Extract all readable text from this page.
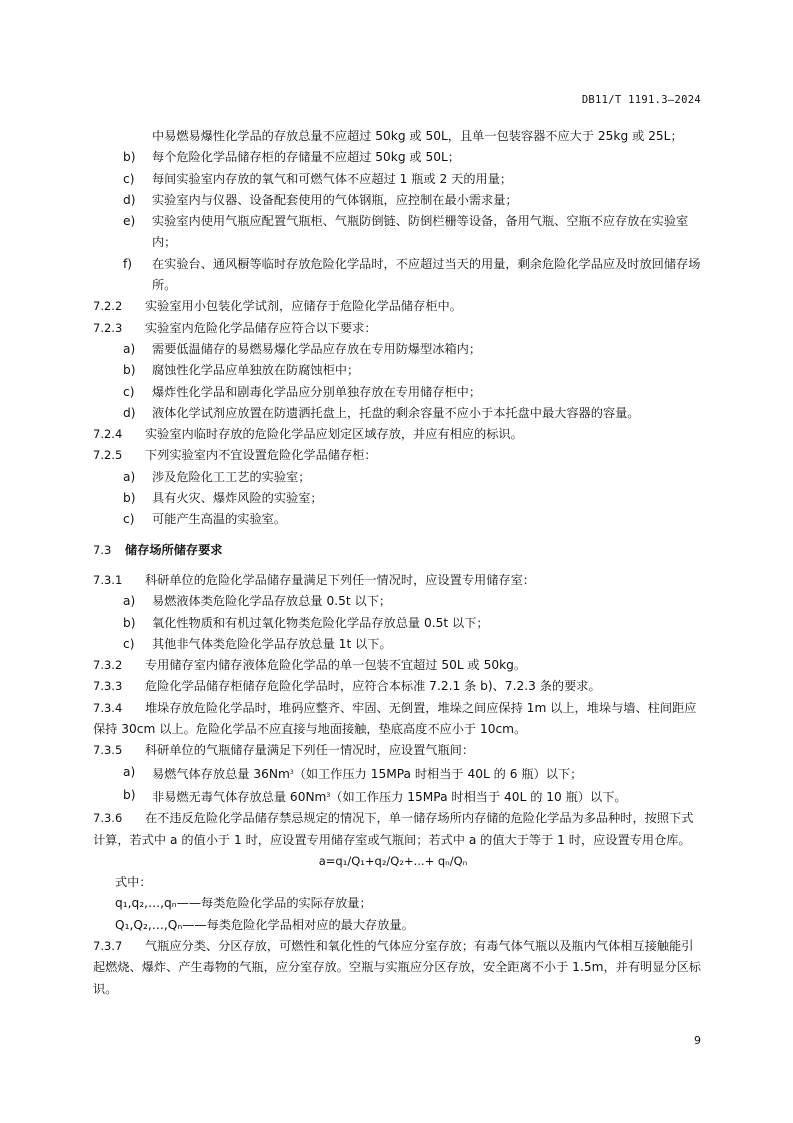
DB11/T 1191.3—2024
中易燃易爆性化学品的存放总量不应超过 50kg 或 50L，且单一包装容器不应大于 25kg 或 25L；
b) 每个危险化学品储存柜的存储量不应超过 50kg 或 50L；
c) 每间实验室内存放的氧气和可燃气体不应超过 1 瓶或 2 天的用量；
d) 实验室内与仪器、设备配套使用的气体钢瓶，应控制在最小需求量；
e) 实验室内使用气瓶应配置气瓶柜、气瓶防倒链、防倒栏栅等设备，备用气瓶、空瓶不应存放在实验室内；
f) 在实验台、通风橱等临时存放危险化学品时，不应超过当天的用量，剩余危险化学品应及时放回储存场所。
7.2.2 实验室用小包装化学试剂，应储存于危险化学品储存柜中。
7.2.3 实验室内危险化学品储存应符合以下要求：
a) 需要低温储存的易燃易爆化学品应存放在专用防爆型冰箱内；
b) 腐蚀性化学品应单独放在防腐蚀柜中；
c) 爆炸性化学品和剧毒化学品应分别单独存放在专用储存柜中；
d) 液体化学试剂应放置在防遗洒托盘上，托盘的剩余容量不应小于本托盘中最大容器的容量。
7.2.4 实验室内临时存放的危险化学品应划定区域存放，并应有相应的标识。
7.2.5 下列实验室内不宜设置危险化学品储存柜：
a) 涉及危险化工工艺的实验室；
b) 具有火灾、爆炸风险的实验室；
c) 可能产生高温的实验室。
7.3 储存场所储存要求
7.3.1 科研单位的危险化学品储存量满足下列任一情况时，应设置专用储存室：
a) 易燃液体类危险化学品存放总量 0.5t 以下；
b) 氧化性物质和有机过氧化物类危险化学品存放总量 0.5t 以下；
c) 其他非气体类危险化学品存放总量 1t 以下。
7.3.2 专用储存室内储存液体危险化学品的单一包装不宜超过 50L 或 50kg。
7.3.3 危险化学品储存柜储存危险化学品时，应符合本标准 7.2.1 条 b)、7.2.3 条的要求。
7.3.4 堆垛存放危险化学品时，堆码应整齐、牢固、无倒置，堆垛之间应保持 1m 以上，堆垛与墙、柱间距应保持 30cm 以上。危险化学品不应直接与地面接触，垫底高度不应小于 10cm。
7.3.5 科研单位的气瓶储存量满足下列任一情况时，应设置气瓶间：
a) 易燃气体存放总量 36Nm$^3$（如工作压力 15MPa 时相当于 40L 的 6 瓶）以下；
b) 非易燃无毒气体存放总量 60Nm$^3$（如工作压力 15MPa 时相当于 40L 的 10 瓶）以下。
7.3.6 在不违反危险化学品储存禁忌规定的情况下，单一储存场所内存储的危险化学品为多品种时，按照下式计算，若式中 a 的值小于 1 时，应设置专用储存室或气瓶间；若式中 a 的值大于等于 1 时，应设置专用仓库。
a=q₁/Q₁+q₂/Q₂+...+ qₙ/Qₙ
式中：
q₁,q₂,…,qₙ——每类危险化学品的实际存放量；
Q₁,Q₂,…,Qₙ——每类危险化学品相对应的最大存放量。
7.3.7 气瓶应分类、分区存放，可燃性和氧化性的气体应分室存放；有毒气体气瓶以及瓶内气体相互接触能引起燃烧、爆炸、产生毒物的气瓶，应分室存放。空瓶与实瓶应分区存放，安全距离不小于 1.5m，并有明显分区标识。
9
